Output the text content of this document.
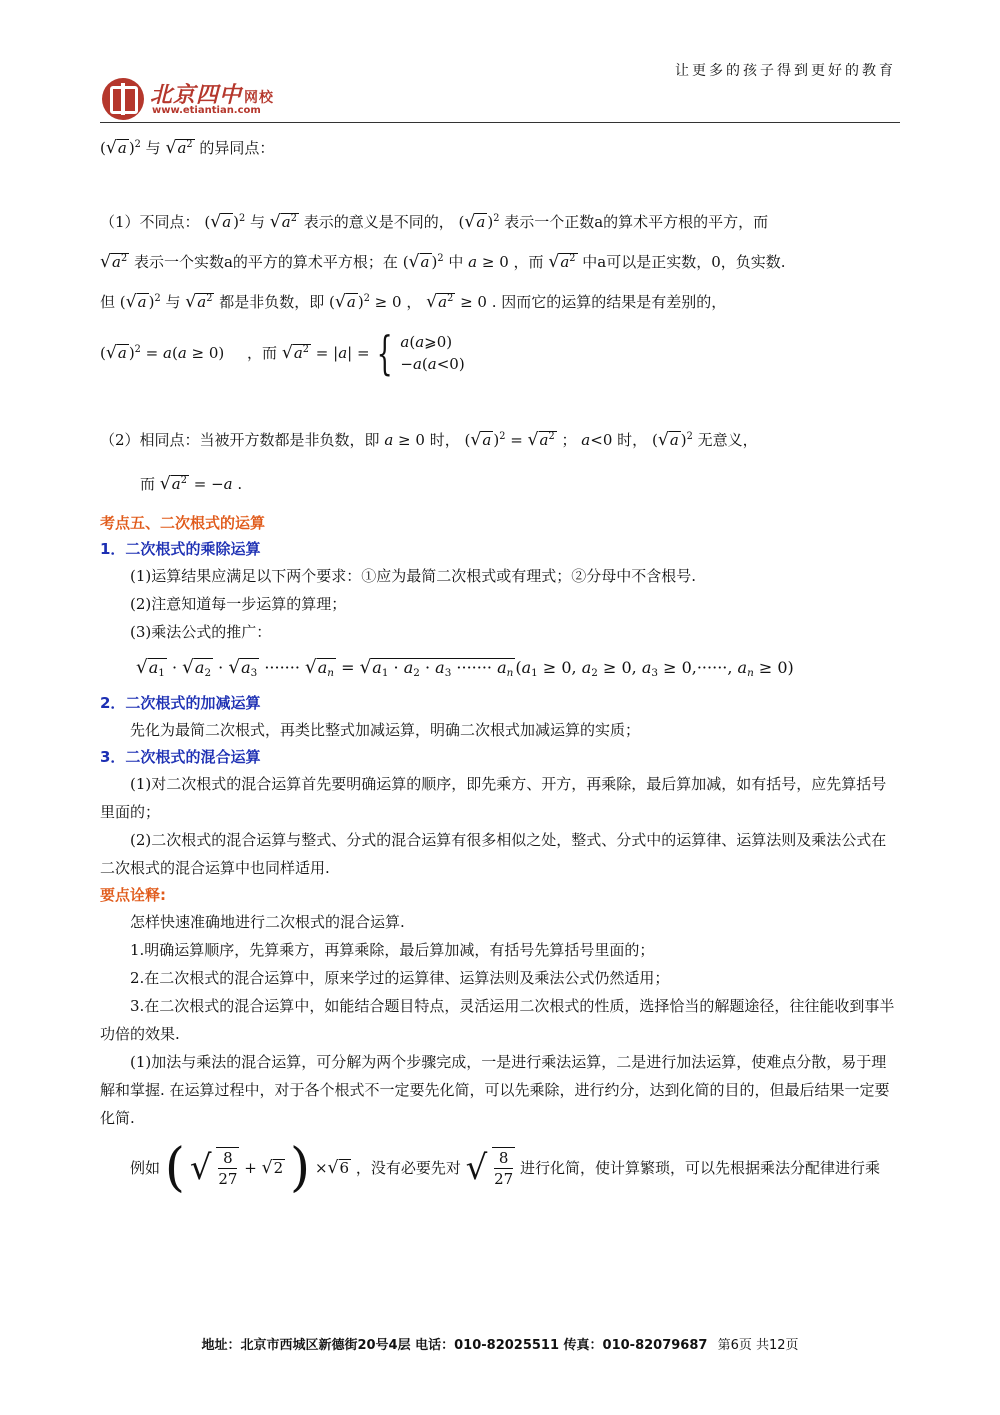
北京四中 网校
www.etiantian.com
让更多的孩子得到更好的教育

(√a )$^2$ 与 $√a^2$ 的异同点：

（1）不同点： (√a )$^2$ 与 $√a^2$ 表示的意义是不同的， (√a )$^2$ 表示一个正数a的算术平方根的平方，而

$√a^2$ 表示一个实数a的平方的算术平方根；在 (√a )$^2$ 中 a ≥ 0 ，而 $√a^2$ 中a可以是正实数，0，负实数.

但 (√a )$^2$ 与 $√a^2$ 都是非负数，即 (√a )$^2$ ≥ 0 ， $√a^2 \ge 0$ . 因而它的运算的结果是有差别的，

(√a )$^2$ = a(a ≥ 0) ，而 $√a^2 = |a|$ = { a(a⩾0)
−a(a<0)

（2）相同点：当被开方数都是非负数，即 a ≥ 0 时， (√a )$^2 = √a^2$ ； a<0 时， (√a )$^2$ 无意义，

而 $√a^2 = -a$ .

考点五、二次根式的运算

1．二次根式的乘除运算

(1)运算结果应满足以下两个要求：①应为最简二次根式或有理式；②分母中不含根号.

(2)注意知道每一步运算的算理；

(3)乘法公式的推广：

$√a_1 \cdot √a_2 \cdot √a_3$ ······· $√a_n = √a_1 \cdot a_2 \cdot a_3$ ······· $a_n$ ($a_1 \ge 0$, $a_2 \ge 0$, $a_3 \ge 0,\cdot\cdot\cdot\cdot\cdot\cdot$, $a_n \ge 0$)

2．二次根式的加减运算

先化为最简二次根式，再类比整式加减运算，明确二次根式加减运算的实质；

3．二次根式的混合运算

(1)对二次根式的混合运算首先要明确运算的顺序，即先乘方、开方，再乘除，最后算加减，如有括号，应先算括号里面的；

(2)二次根式的混合运算与整式、分式的混合运算有很多相似之处，整式、分式中的运算律、运算法则及乘法公式在二次根式的混合运算中也同样适用.

要点诠释:

怎样快速准确地进行二次根式的混合运算.

1.明确运算顺序，先算乘方，再算乘除，最后算加减，有括号先算括号里面的；

2.在二次根式的混合运算中，原来学过的运算律、运算法则及乘法公式仍然适用；

3.在二次根式的混合运算中，如能结合题目特点，灵活运用二次根式的性质，选择恰当的解题途径，往往能收到事半功倍的效果.

(1)加法与乘法的混合运算，可分解为两个步骤完成，一是进行乘法运算，二是进行加法运算，使难点分散，易于理解和掌握. 在运算过程中，对于各个根式不一定要先化简，可以先乘除，进行约分，达到化简的目的，但最后结果一定要化简.

例如 ( √ $\frac{8}{27} + √2$ ) ×√6 ，没有必要先对 √ $\frac{8}{27}$ 进行化简，使计算繁琐，可以先根据乘法分配律进行乘

地址：北京市西城区新德街20号4层 电话：010-82025511 传真：010-82079687 第6页 共12页
